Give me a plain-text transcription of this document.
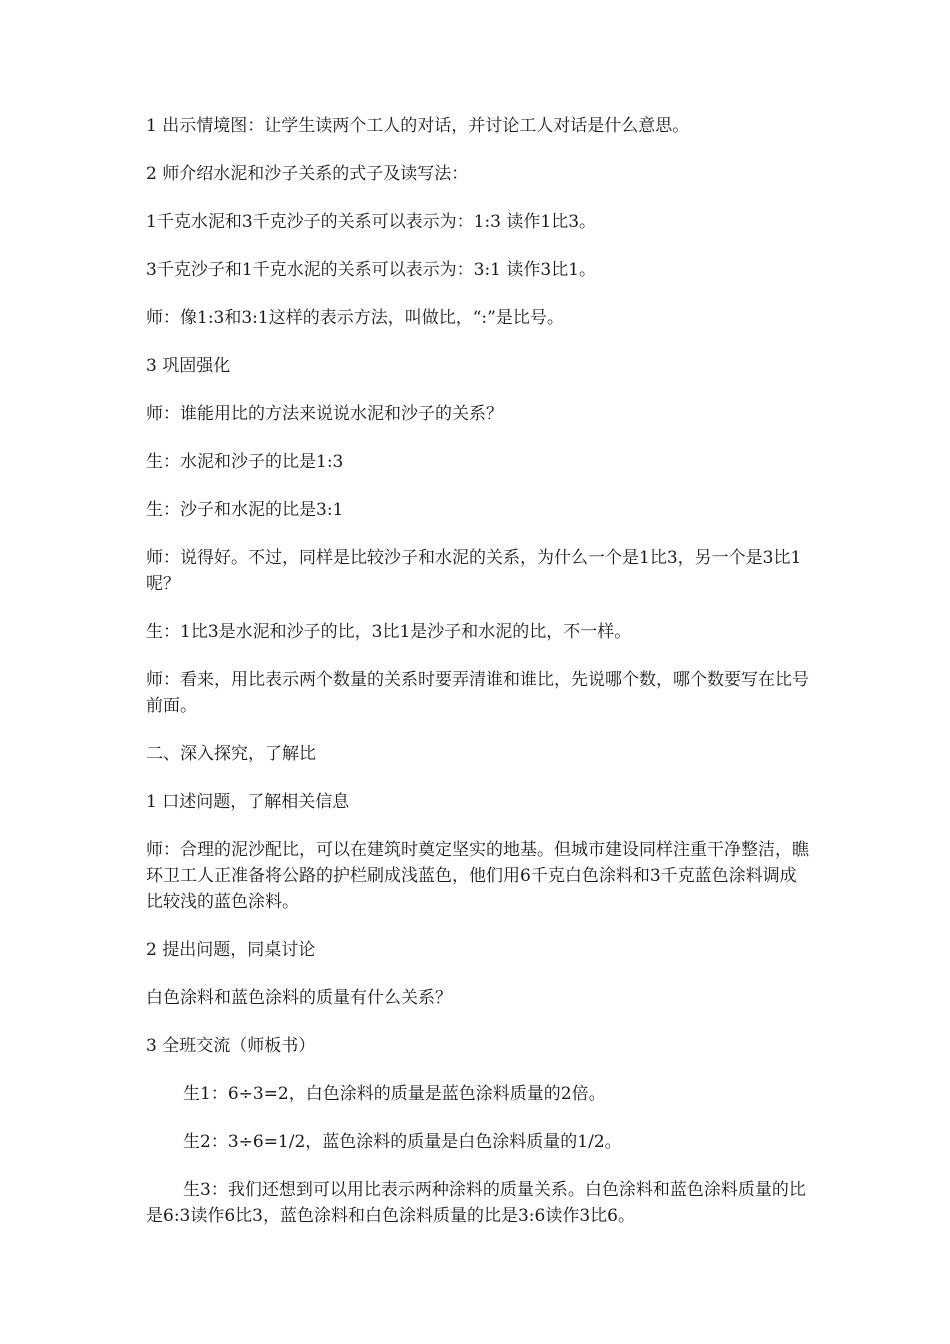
1 出示情境图：让学生读两个工人的对话，并讨论工人对话是什么意思。

2 师介绍水泥和沙子关系的式子及读写法：

1千克水泥和3千克沙子的关系可以表示为：1:3 读作1比3。

3千克沙子和1千克水泥的关系可以表示为：3:1 读作3比1。

师：像1:3和3:1这样的表示方法，叫做比，“:”是比号。

3 巩固强化

师：谁能用比的方法来说说水泥和沙子的关系？

生：水泥和沙子的比是1:3

生：沙子和水泥的比是3:1

师：说得好。不过，同样是比较沙子和水泥的关系，为什么一个是1比3，另一个是3比1呢？

生：1比3是水泥和沙子的比，3比1是沙子和水泥的比，不一样。

师：看来，用比表示两个数量的关系时要弄清谁和谁比，先说哪个数，哪个数要写在比号前面。

二、深入探究，了解比

1 口述问题，了解相关信息

师：合理的泥沙配比，可以在建筑时奠定坚实的地基。但城市建设同样注重干净整洁，瞧环卫工人正准备将公路的护栏刷成浅蓝色，他们用6千克白色涂料和3千克蓝色涂料调成比较浅的蓝色涂料。

2 提出问题，同桌讨论

白色涂料和蓝色涂料的质量有什么关系？

3 全班交流（师板书）

生1：6÷3=2，白色涂料的质量是蓝色涂料质量的2倍。

生2：3÷6=1/2，蓝色涂料的质量是白色涂料质量的1/2。

生3：我们还想到可以用比表示两种涂料的质量关系。白色涂料和蓝色涂料质量的比是6:3读作6比3，蓝色涂料和白色涂料质量的比是3:6读作3比6。
